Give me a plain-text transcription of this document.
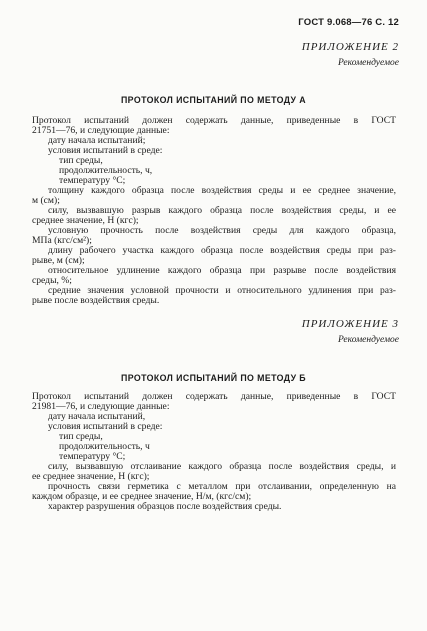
ГОСТ 9.068—76 С. 12
ПРИЛОЖЕНИЕ 2
Рекомендуемое
ПРОТОКОЛ ИСПЫТАНИЙ ПО МЕТОДУ А
Протокол испытаний должен содержать данные, приведенные в ГОСТ
21751—76, и следующие данные:
дату начала испытаний;
условия испытаний в среде:
тип среды,
продолжительность, ч,
температуру °С;
толщину каждого образца после воздействия среды и ее среднее значение,
м (см);
силу, вызвавшую разрыв каждого образца после воздействия среды, и ее
среднее значение, Н (кгс);
условную прочность после воздействия среды для каждого образца,
МПа (кгс/см²);
длину рабочего участка каждого образца после воздействия среды при раз-
рыве, м (см);
относительное удлинение каждого образца при разрыве после воздействия
среды, %;
средние значения условной прочности и относительного удлинения при раз-
рыве после воздействия среды.
ПРИЛОЖЕНИЕ 3
Рекомендуемое
ПРОТОКОЛ ИСПЫТАНИЙ ПО МЕТОДУ Б
Протокол испытаний должен содержать данные, приведенные в ГОСТ
21981—76, и следующие данные:
дату начала испытаний,
условия испытаний в среде:
тип среды,
продолжительность, ч
температуру °С;
силу, вызвавшую отслаивание каждого образца после воздействия среды, и
ее среднее значение, Н (кгс);
прочность связи герметика с металлом при отслаивании, определенную на
каждом образце, и ее среднее значение, Н/м, (кгс/см);
характер разрушения образцов после воздействия среды.
